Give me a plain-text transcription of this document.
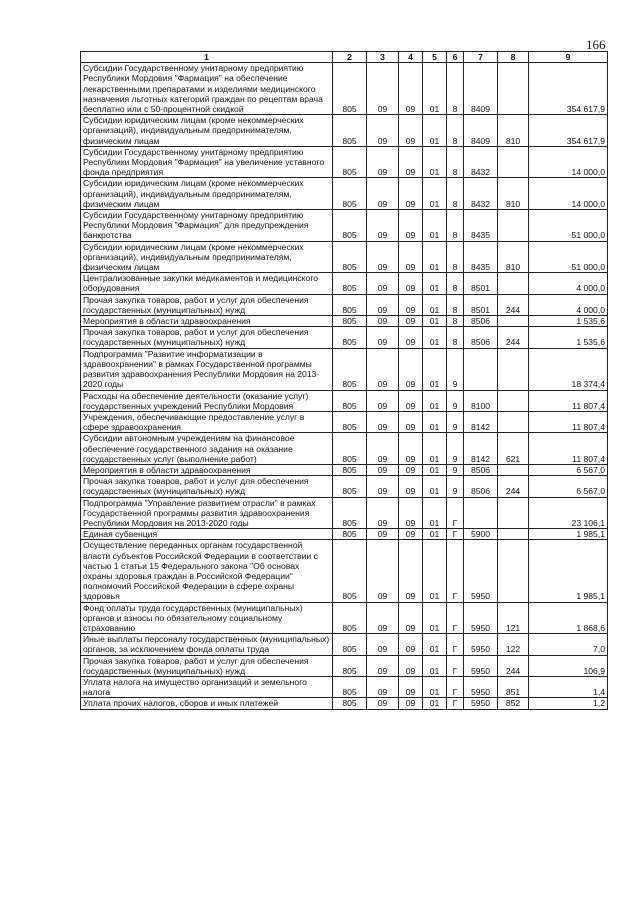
166
1	2	3	4	5	6	7	8	9
Субсидии Государственному унитарному предприятию Республики Мордовия "Фармация" на обеспечение лекарственными препаратами и изделиями медицинского назначения льготных категорий граждан по рецептам врача бесплатно или с 50-процентной скидкой	805	09	09	01	8	8409		354 617,9
Субсидии юридическим лицам (кроме некоммерческих организаций), индивидуальным предпринимателям, физическим лицам	805	09	09	01	8	8409	810	354 617,9
Субсидии Государственному унитарному предприятию Республики Мордовия "Фармация" на увеличение уставного фонда предприятия	805	09	09	01	8	8432		14 000,0
Субсидии юридическим лицам (кроме некоммерческих организаций), индивидуальным предпринимателям, физическим лицам	805	09	09	01	8	8432	810	14 000,0
Субсидии Государственному унитарному предприятию Республики Мордовия "Фармация" для предупреждения банкротства	805	09	09	01	8	8435		51 000,0
Субсидии юридическим лицам (кроме некоммерческих организаций), индивидуальным предпринимателям, физическим лицам	805	09	09	01	8	8435	810	51 000,0
Централизованные закупки медикаментов и медицинского оборудования	805	09	09	01	8	8501		4 000,0
Прочая закупка товаров, работ и услуг для обеспечения государственных (муниципальных) нужд	805	09	09	01	8	8501	244	4 000,0
Мероприятия в области здравоохранения	805	09	09	01	8	8506		1 535,6
Прочая закупка товаров, работ и услуг для обеспечения государственных (муниципальных) нужд	805	09	09	01	8	8506	244	1 535,6
Подпрограмма "Развитие информатизации в здравоохранении" в рамках Государственной программы развития здравоохранения Республики Мордовия на 2013-2020 годы	805	09	09	01	9			18 374,4
Расходы на обеспечение деятельности (оказание услуг) государственных учреждений Республики Мордовия	805	09	09	01	9	8100		11 807,4
Учреждения, обеспечивающие предоставление услуг в сфере здравоохранения	805	09	09	01	9	8142		11 807,4
Субсидии автономным учреждениям на финансовое обеспечение государственного задания на оказание государственных услуг (выполнение работ)	805	09	09	01	9	8142	621	11 807,4
Мероприятия в области здравоохранения	805	09	09	01	9	8506		6 567,0
Прочая закупка товаров, работ и услуг для обеспечения государственных (муниципальных) нужд	805	09	09	01	9	8506	244	6 567,0
Подпрограмма "Управление развитием отрасли" в рамках Государственной программы развития здравоохранения Республики Мордовия на 2013-2020 годы	805	09	09	01	Г			23 106,1
Единая субвенция	805	09	09	01	Г	5900		1 985,1
Осуществление переданных органам государственной власти субъектов Российской Федерации в соответствии с частью 1 статьи 15 Федерального закона "Об основах охраны здоровья граждан в Российской Федерации" полномочий Российской Федерации в сфере охраны здоровья	805	09	09	01	Г	5950		1 985,1
Фонд оплаты труда государственных (муниципальных) органов и взносы по обязательному социальному страхованию	805	09	09	01	Г	5950	121	1 868,6
Иные выплаты персоналу государственных (муниципальных) органов, за исключением фонда оплаты труда	805	09	09	01	Г	5950	122	7,0
Прочая закупка товаров, работ и услуг для обеспечения государственных (муниципальных) нужд	805	09	09	01	Г	5950	244	106,9
Уплата налога на имущество организаций и земельного налога	805	09	09	01	Г	5950	851	1,4
Уплата прочих налогов, сборов и иных платежей	805	09	09	01	Г	5950	852	1,2
